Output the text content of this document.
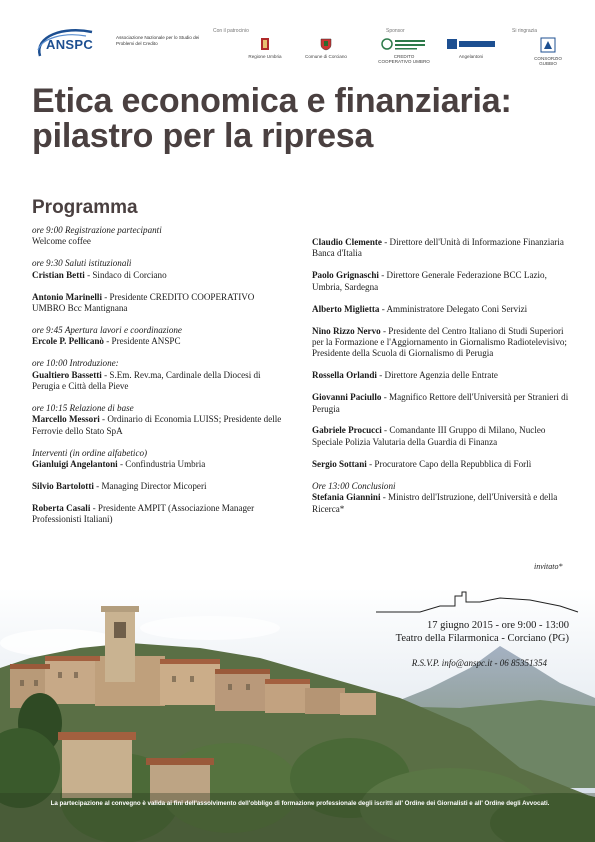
ANSPC	Associazione Nazionale per lo Studio dei Problemi del Credito
Con il patrocinio	Sponsor	Si ringrazia
Regione Umbria	Comune di Corciano	CREDITO COOPERATIVO UMBRO
Angelantoni	CONSORZIO GUBBIO
Etica economica e finanziaria:
pilastro per la ripresa
Programma
ore 9:00 Registrazione partecipanti
Welcome coffee
ore 9:30 Saluti istituzionali
Cristian Betti - Sindaco di Corciano
Antonio Marinelli - Presidente CREDITO COOPERATIVO UMBRO Bcc Mantignana
ore 9:45 Apertura lavori e coordinazione
Ercole P. Pellicanò - Presidente ANSPC
ore 10:00 Introduzione:
Gualtiero Bassetti - S.Em. Rev.ma, Cardinale della Diocesi di Perugia e Città della Pieve
ore 10:15 Relazione di base
Marcello Messori - Ordinario di Economia LUISS; Presidente delle Ferrovie dello Stato SpA
Interventi (in ordine alfabetico)
Gianluigi Angelantoni - Confindustria Umbria
Silvio Bartolotti - Managing Director Micoperi
Roberta Casali - Presidente AMPIT (Associazione Manager Professionisti Italiani)
Claudio Clemente - Direttore dell'Unità di Informazione Finanziaria Banca d'Italia
Paolo Grignaschi - Direttore Generale Federazione BCC Lazio, Umbria, Sardegna
Alberto Miglietta - Amministratore Delegato Coni Servizi
Nino Rizzo Nervo - Presidente del Centro Italiano di Studi Superiori per la Formazione e l'Aggiornamento in Giornalismo Radiotelevisivo; Presidente della Scuola di Giornalismo di Perugia
Rossella Orlandi - Direttore Agenzia delle Entrate
Giovanni Paciullo - Magnifico Rettore dell'Università per Stranieri di Perugia
Gabriele Procucci - Comandante III Gruppo di Milano, Nucleo Speciale Polizia Valutaria della Guardia di Finanza
Sergio Sottani - Procuratore Capo della Repubblica di Forlì
Ore 13:00 Conclusioni
Stefania Giannini - Ministro dell'Istruzione, dell'Università e della Ricerca*
invitato*
17 giugno 2015 - ore 9:00 - 13:00
Teatro della Filarmonica - Corciano (PG)
R.S.V.P. info@anspc.it - 06 85351354
La partecipazione al convegno è valida ai fini dell'assolvimento dell'obbligo di formazione professionale degli iscritti all' Ordine dei Giornalisti e all' Ordine degli Avvocati.
